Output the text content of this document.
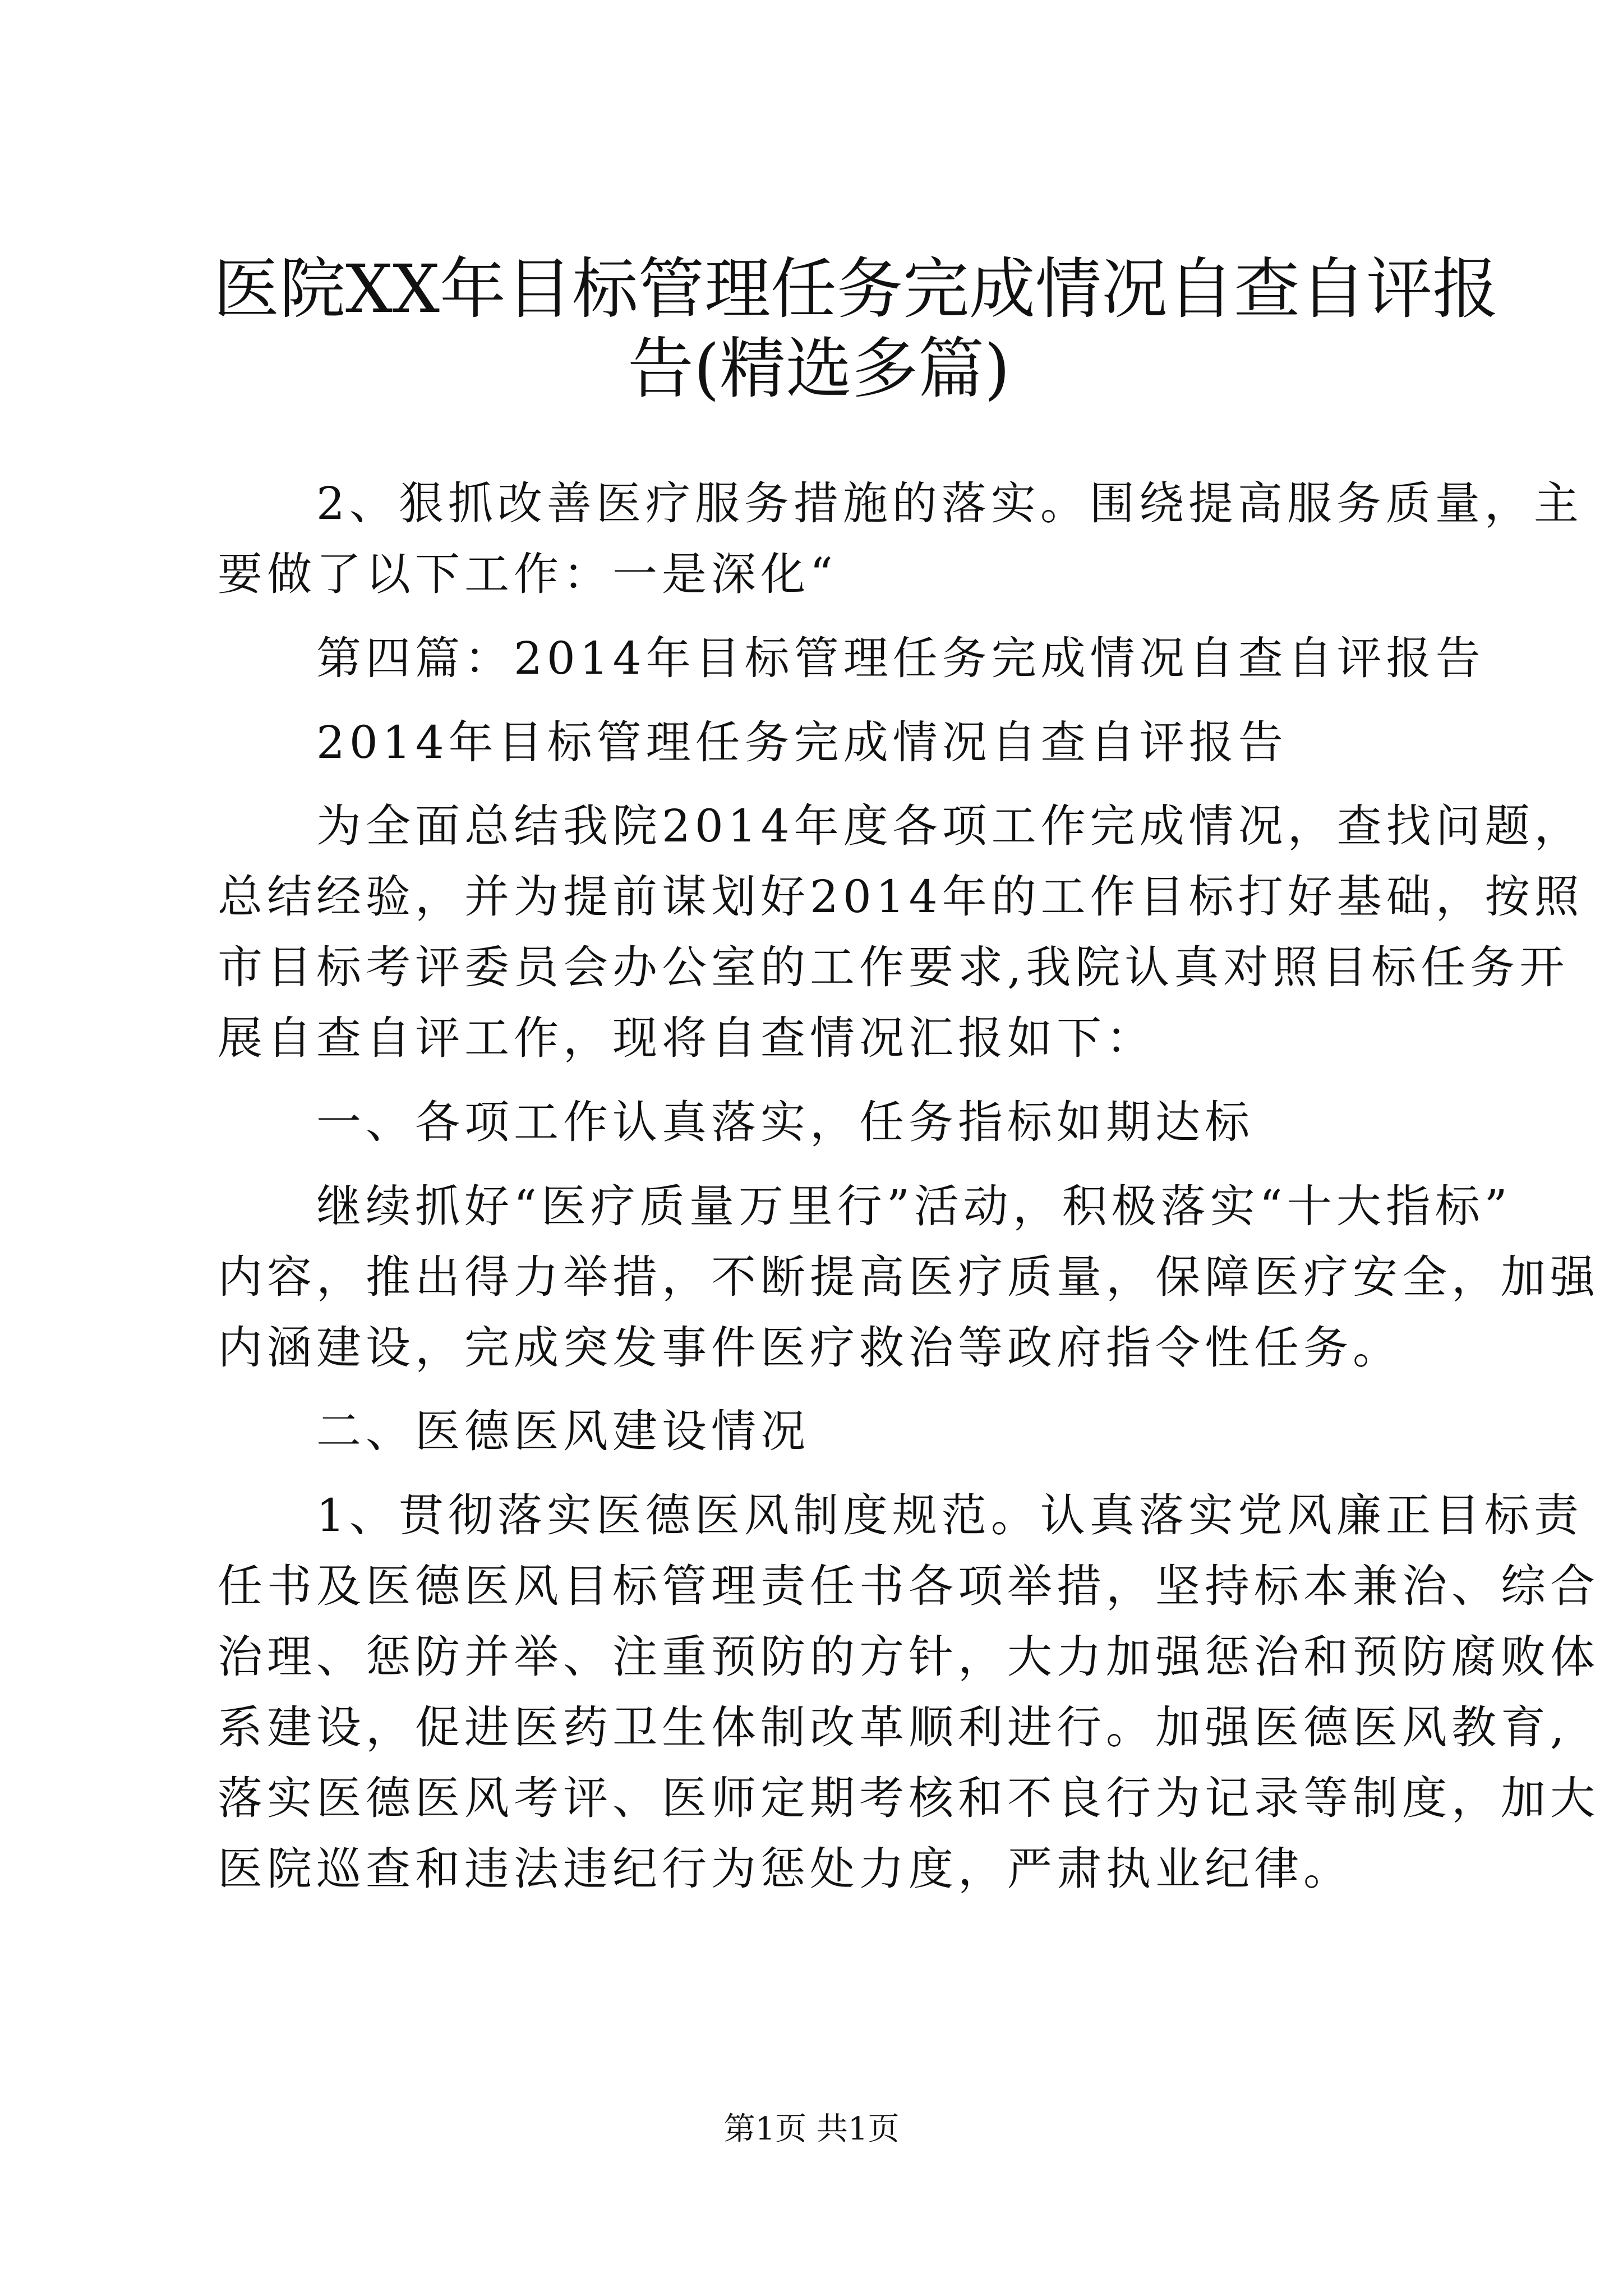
医院XX年目标管理任务完成情况自查自评报
告(精选多篇)
　　2、狠抓改善医疗服务措施的落实。围绕提高服务质量，主
要做了以下工作：一是深化“
　　第四篇：2014年目标管理任务完成情况自查自评报告
　　2014年目标管理任务完成情况自查自评报告
　　为全面总结我院2014年度各项工作完成情况，查找问题，
总结经验，并为提前谋划好2014年的工作目标打好基础，按照
市目标考评委员会办公室的工作要求,我院认真对照目标任务开
展自查自评工作，现将自查情况汇报如下：
　　一、各项工作认真落实，任务指标如期达标
　　继续抓好“医疗质量万里行”活动，积极落实“十大指标”
内容，推出得力举措，不断提高医疗质量，保障医疗安全，加强
内涵建设，完成突发事件医疗救治等政府指令性任务。
　　二、医德医风建设情况
　　1、贯彻落实医德医风制度规范。认真落实党风廉正目标责
任书及医德医风目标管理责任书各项举措，坚持标本兼治、综合
治理、惩防并举、注重预防的方针，大力加强惩治和预防腐败体
系建设，促进医药卫生体制改革顺利进行。加强医德医风教育,
落实医德医风考评、医师定期考核和不良行为记录等制度，加大
医院巡查和违法违纪行为惩处力度，严肃执业纪律。
第1页 共1页
